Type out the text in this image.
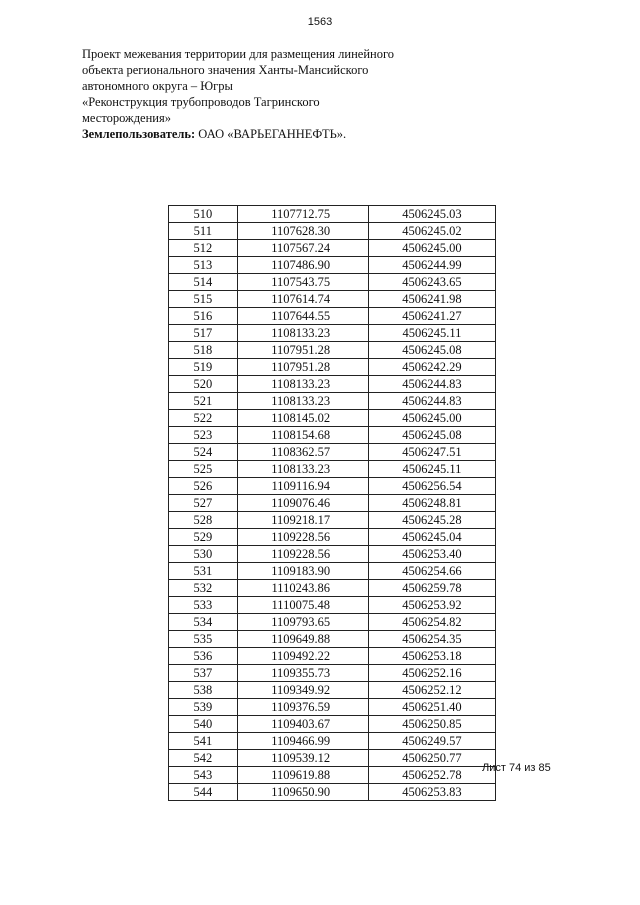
1563
Проект межевания территории для размещения линейного
объекта регионального значения Ханты-Мансийского
автономного округа – Югры
«Реконструкция трубопроводов Тагринского
месторождения»
Землепользователь: ОАО «ВАРЬЕГАННЕФТЬ».
510	1107712.75	4506245.03
511	1107628.30	4506245.02
512	1107567.24	4506245.00
513	1107486.90	4506244.99
514	1107543.75	4506243.65
515	1107614.74	4506241.98
516	1107644.55	4506241.27
517	1108133.23	4506245.11
518	1107951.28	4506245.08
519	1107951.28	4506242.29
520	1108133.23	4506244.83
521	1108133.23	4506244.83
522	1108145.02	4506245.00
523	1108154.68	4506245.08
524	1108362.57	4506247.51
525	1108133.23	4506245.11
526	1109116.94	4506256.54
527	1109076.46	4506248.81
528	1109218.17	4506245.28
529	1109228.56	4506245.04
530	1109228.56	4506253.40
531	1109183.90	4506254.66
532	1110243.86	4506259.78
533	1110075.48	4506253.92
534	1109793.65	4506254.82
535	1109649.88	4506254.35
536	1109492.22	4506253.18
537	1109355.73	4506252.16
538	1109349.92	4506252.12
539	1109376.59	4506251.40
540	1109403.67	4506250.85
541	1109466.99	4506249.57
542	1109539.12	4506250.77
543	1109619.88	4506252.78
544	1109650.90	4506253.83
Лист 74 из 85
